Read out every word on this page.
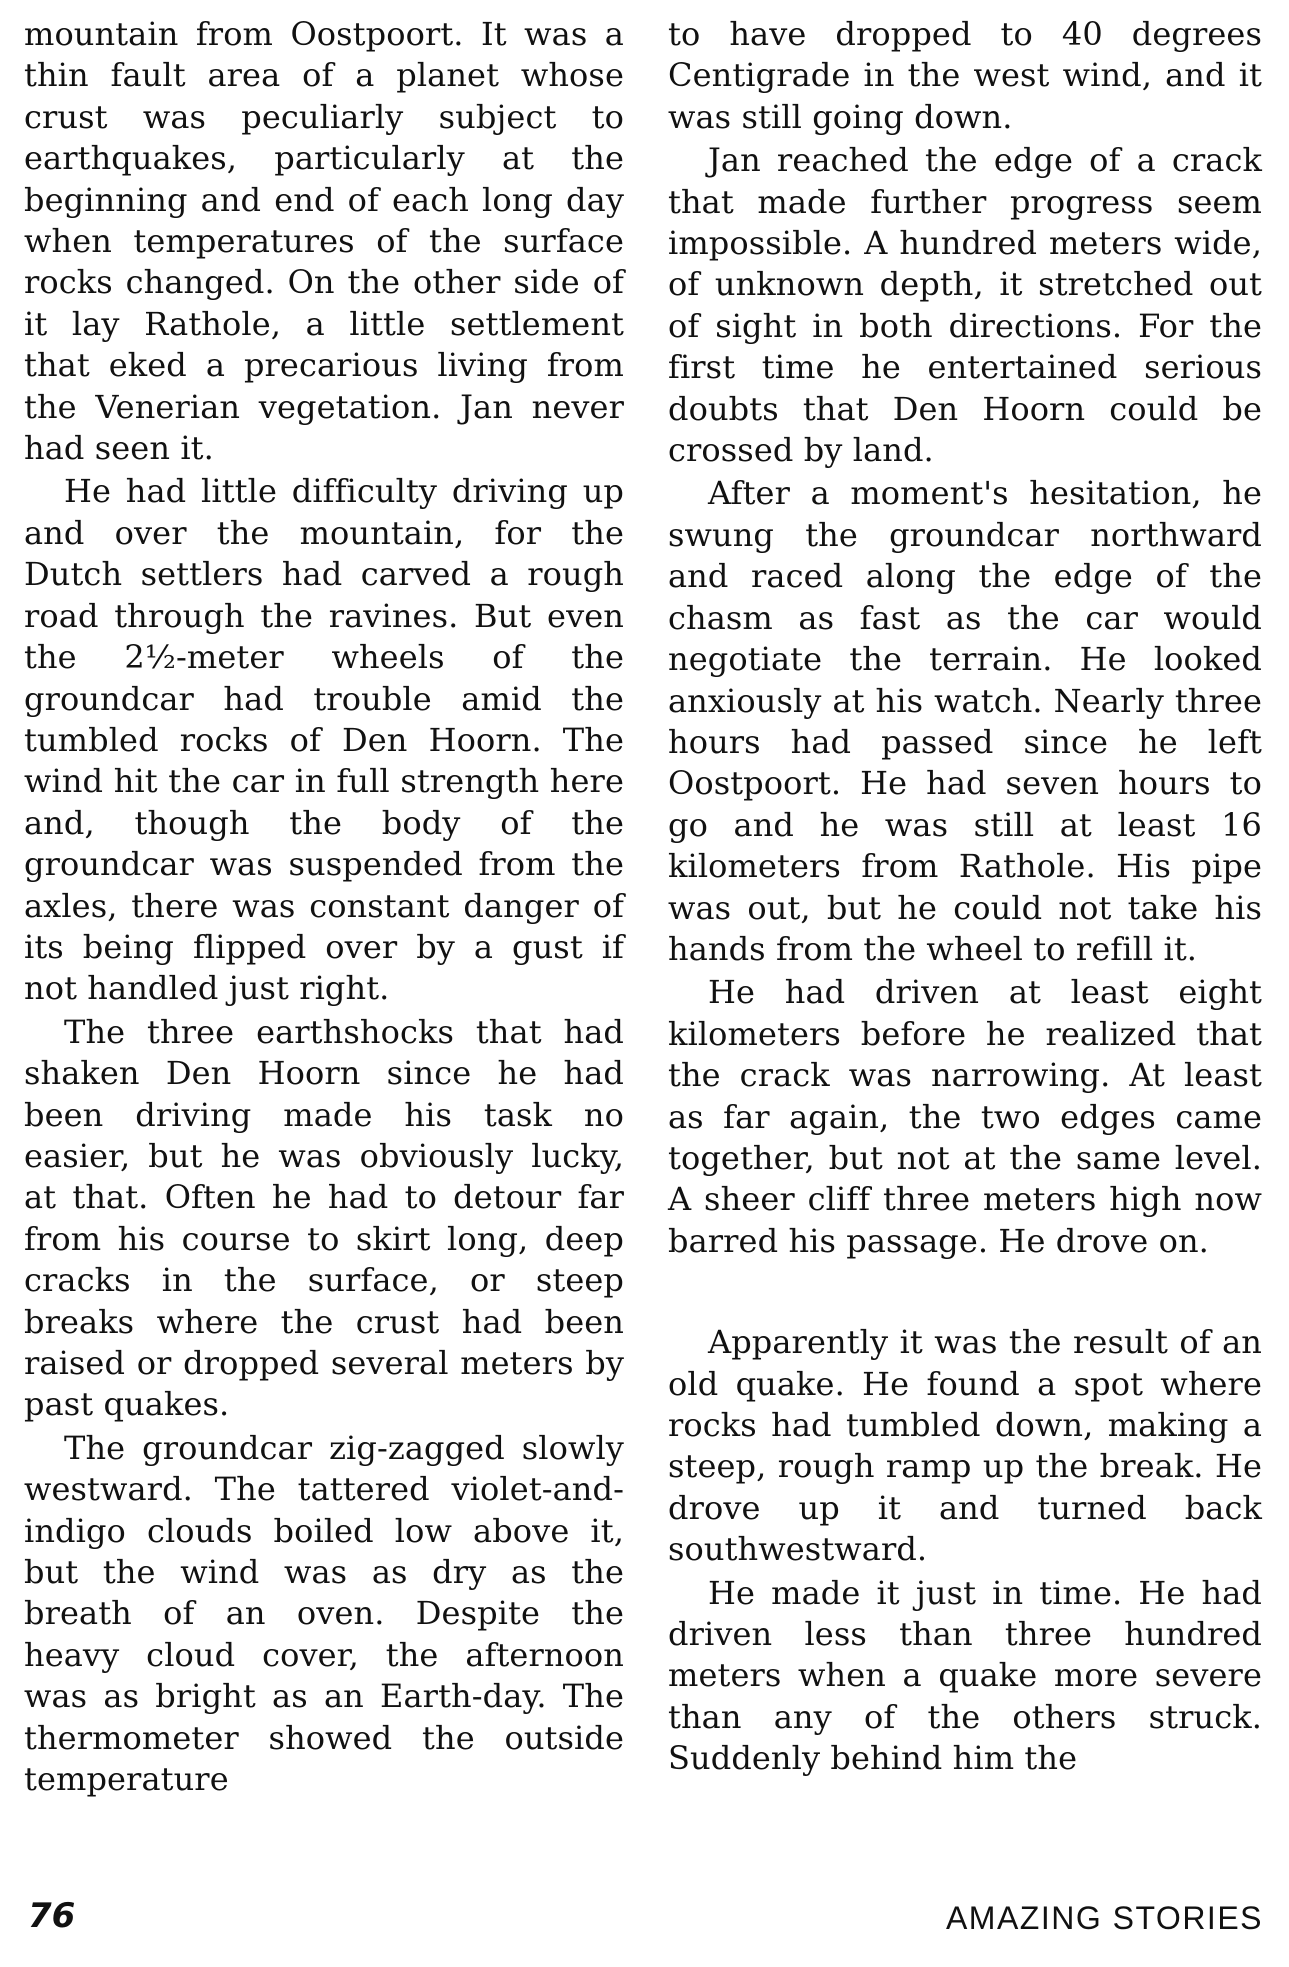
mountain from Oostpoort. It was a thin fault area of a planet whose crust was peculiarly subject to earthquakes, particularly at the beginning and end of each long day when temperatures of the surface rocks changed. On the other side of it lay Rathole, a little settlement that eked a precarious living from the Venerian vegetation. Jan never had seen it.

He had little difficulty driving up and over the mountain, for the Dutch settlers had carved a rough road through the ravines. But even the 2½-meter wheels of the groundcar had trouble amid the tumbled rocks of Den Hoorn. The wind hit the car in full strength here and, though the body of the groundcar was suspended from the axles, there was constant danger of its being flipped over by a gust if not handled just right.

The three earthshocks that had shaken Den Hoorn since he had been driving made his task no easier, but he was obviously lucky, at that. Often he had to detour far from his course to skirt long, deep cracks in the surface, or steep breaks where the crust had been raised or dropped several meters by past quakes.

The groundcar zig-zagged slowly westward. The tattered violet-and-indigo clouds boiled low above it, but the wind was as dry as the breath of an oven. Despite the heavy cloud cover, the afternoon was as bright as an Earth-day. The thermometer showed the outside temperature

to have dropped to 40 degrees Centigrade in the west wind, and it was still going down.

Jan reached the edge of a crack that made further progress seem impossible. A hundred meters wide, of unknown depth, it stretched out of sight in both directions. For the first time he entertained serious doubts that Den Hoorn could be crossed by land.

After a moment's hesitation, he swung the groundcar northward and raced along the edge of the chasm as fast as the car would negotiate the terrain. He looked anxiously at his watch. Nearly three hours had passed since he left Oostpoort. He had seven hours to go and he was still at least 16 kilometers from Rathole. His pipe was out, but he could not take his hands from the wheel to refill it.

He had driven at least eight kilometers before he realized that the crack was narrowing. At least as far again, the two edges came together, but not at the same level. A sheer cliff three meters high now barred his passage. He drove on.

Apparently it was the result of an old quake. He found a spot where rocks had tumbled down, making a steep, rough ramp up the break. He drove up it and turned back southwestward.

He made it just in time. He had driven less than three hundred meters when a quake more severe than any of the others struck. Suddenly behind him the

76	AMAZING STORIES
